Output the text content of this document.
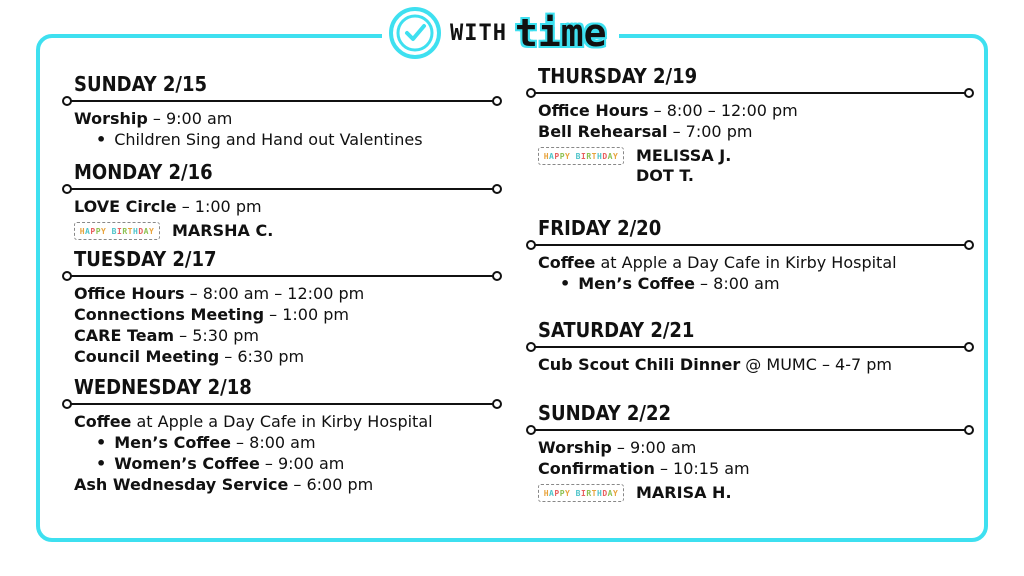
WITH time
SUNDAY 2/15
Worship – 9:00 am
• Children Sing and Hand out Valentines
MONDAY 2/16
LOVE Circle – 1:00 pm
H A P P Y
B I R T H D A Y MARSHA C.
TUESDAY 2/17
Office Hours – 8:00 am – 12:00 pm
Connections Meeting – 1:00 pm
CARE Team – 5:30 pm
Council Meeting – 6:30 pm
WEDNESDAY 2/18
Coffee at Apple a Day Cafe in Kirby Hospital
• Men’s Coffee – 8:00 am
• Women’s Coffee – 9:00 am
Ash Wednesday Service – 6:00 pm
THURSDAY 2/19
Office Hours – 8:00 – 12:00 pm
Bell Rehearsal – 7:00 pm
H A P P Y
B I R T H D A Y MELISSA J.
DOT T.
FRIDAY 2/20
Coffee at Apple a Day Cafe in Kirby Hospital
• Men’s Coffee – 8:00 am
SATURDAY 2/21
Cub Scout Chili Dinner @ MUMC – 4-7 pm
SUNDAY 2/22
Worship – 9:00 am
Confirmation – 10:15 am
H A P P Y
B I R T H D A Y MARISA H.
